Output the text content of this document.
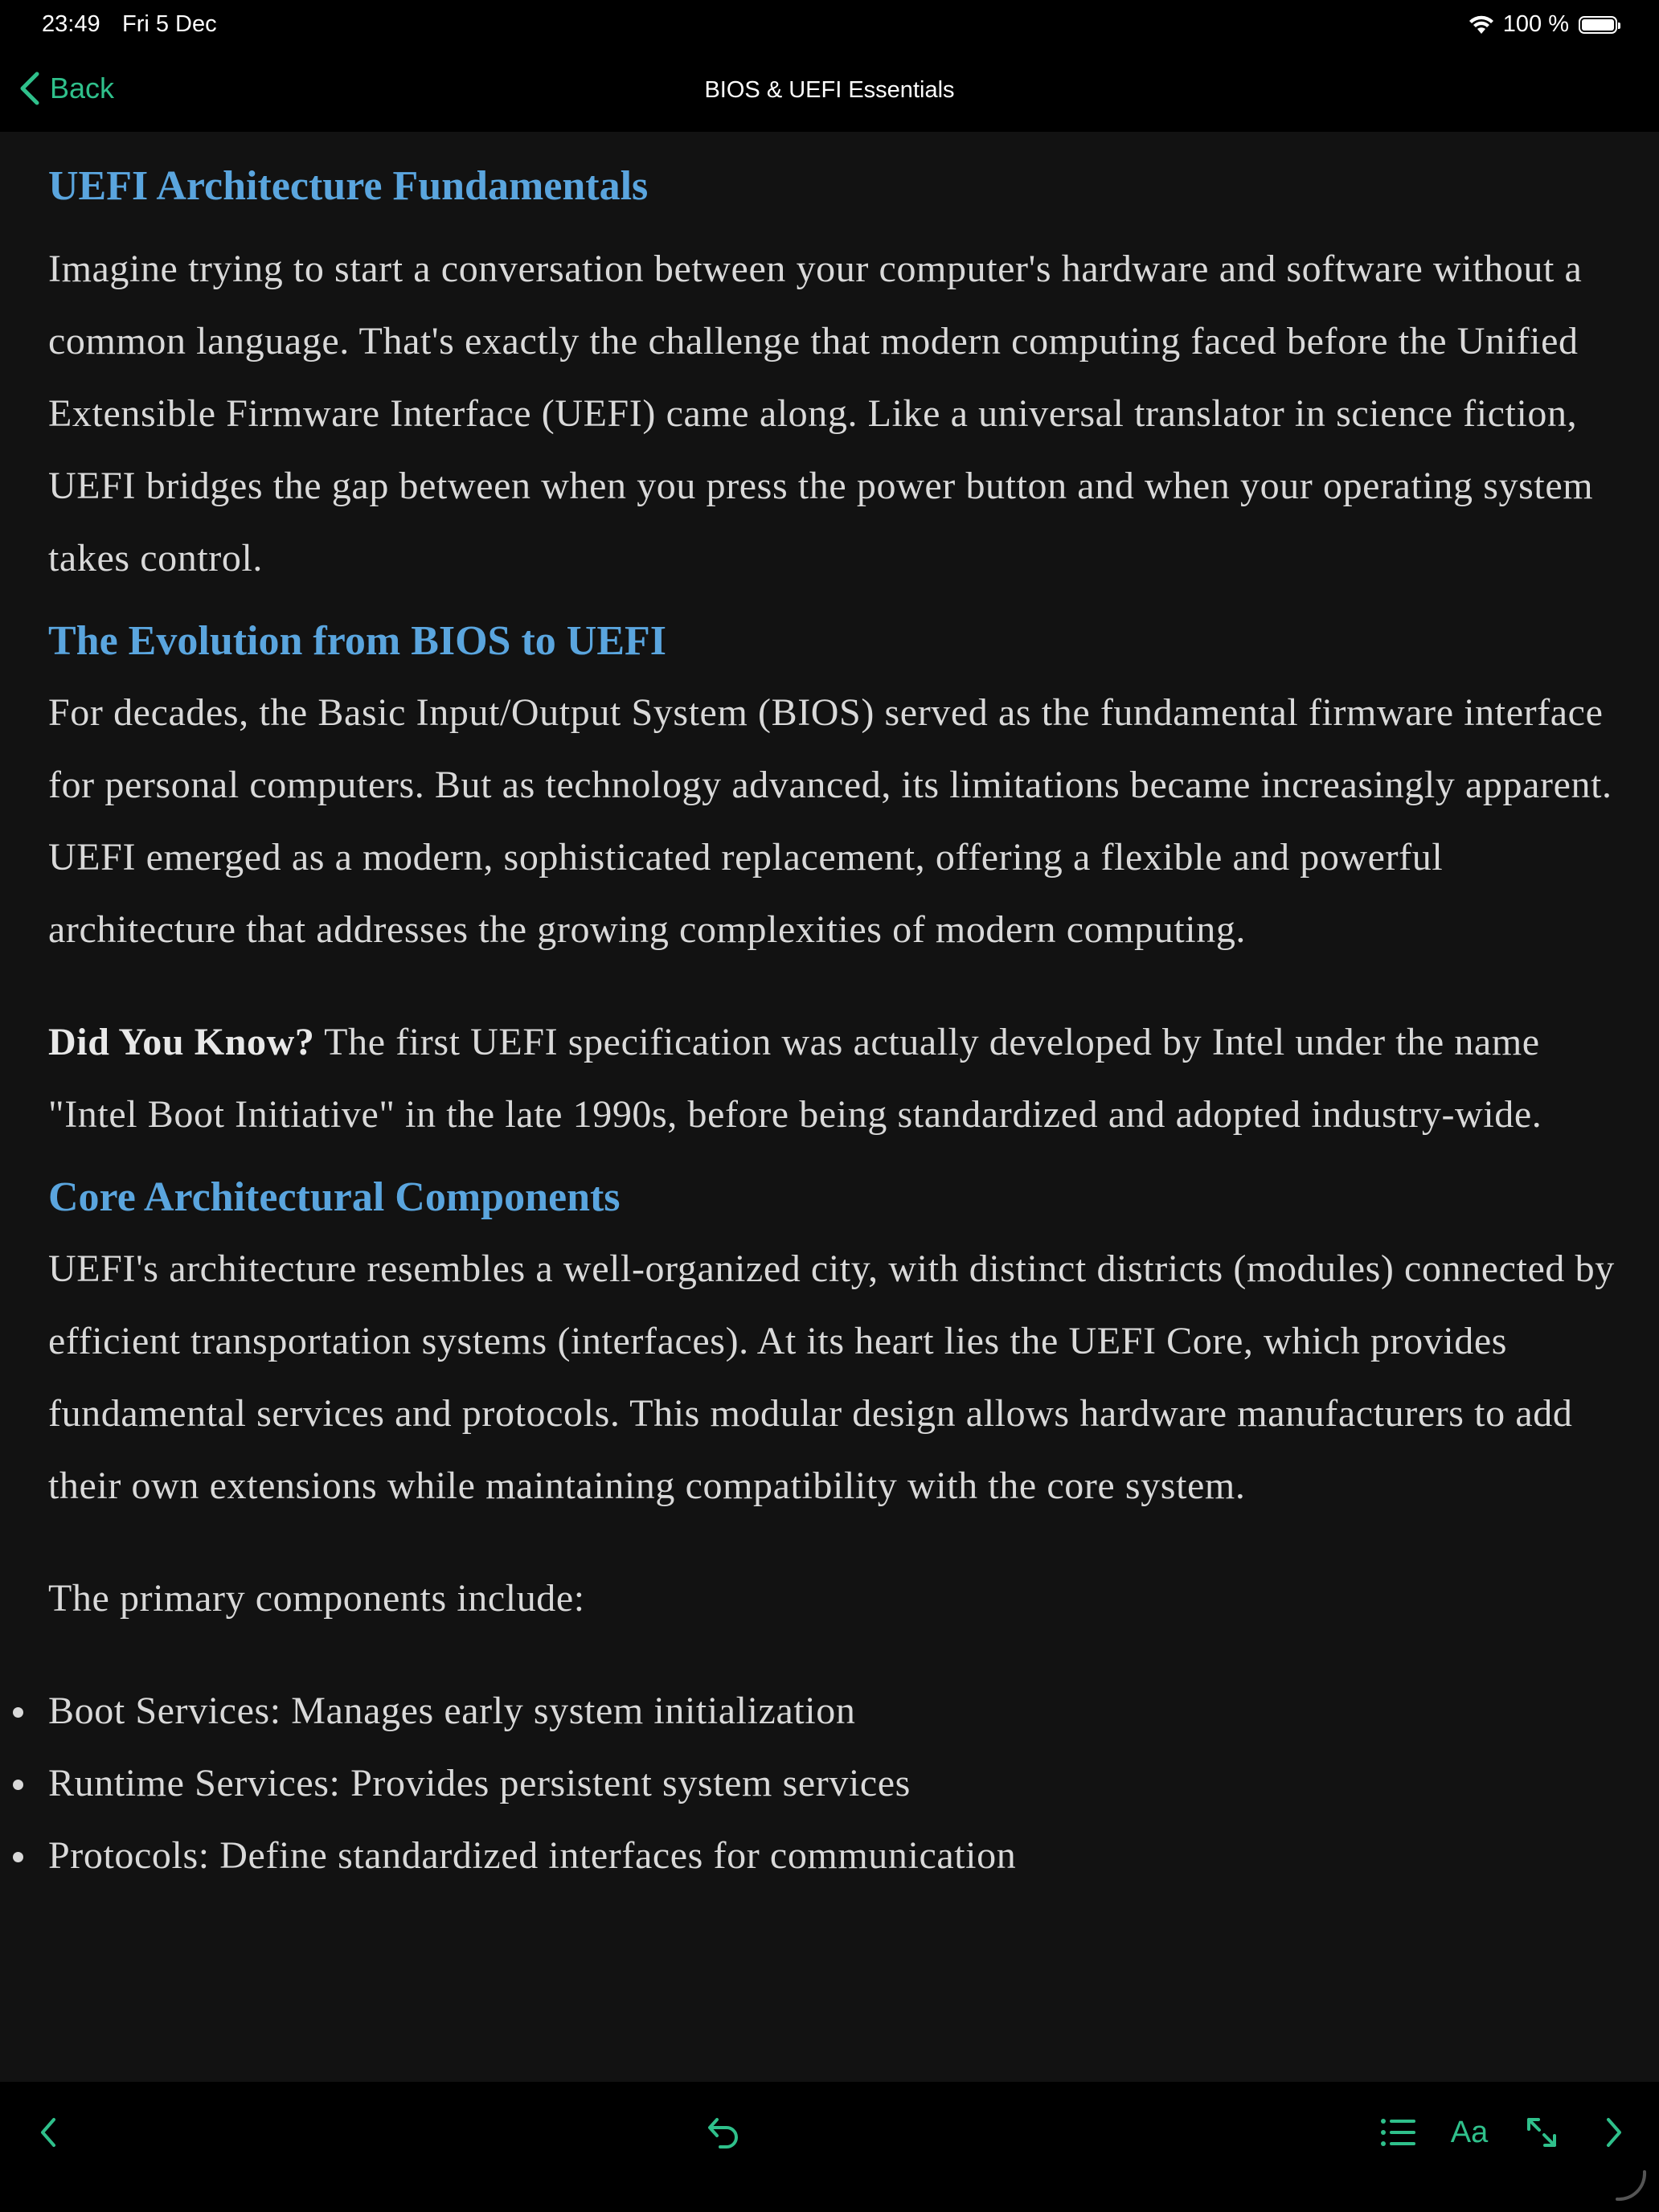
23:49 Fri 5 Dec	100 %
Back	BIOS & UEFI Essentials
UEFI Architecture Fundamentals

Imagine trying to start a conversation between your computer's hardware and software without a common language. That's exactly the challenge that modern computing faced before the Unified Extensible Firmware Interface (UEFI) came along. Like a universal translator in science fiction, UEFI bridges the gap between when you press the power button and when your operating system takes control.

The Evolution from BIOS to UEFI

For decades, the Basic Input/Output System (BIOS) served as the fundamental firmware interface for personal computers. But as technology advanced, its limitations became increasingly apparent. UEFI emerged as a modern, sophisticated replacement, offering a flexible and powerful architecture that addresses the growing complexities of modern computing.

Did You Know? The first UEFI specification was actually developed by Intel under the name "Intel Boot Initiative" in the late 1990s, before being standardized and adopted industry-wide.

Core Architectural Components

UEFI's architecture resembles a well-organized city, with distinct districts (modules) connected by efficient transportation systems (interfaces). At its heart lies the UEFI Core, which provides fundamental services and protocols. This modular design allows hardware manufacturers to add their own extensions while maintaining compatibility with the core system.

The primary components include:

Boot Services: Manages early system initialization
Runtime Services: Provides persistent system services
Protocols: Define standardized interfaces for communication
Aa
